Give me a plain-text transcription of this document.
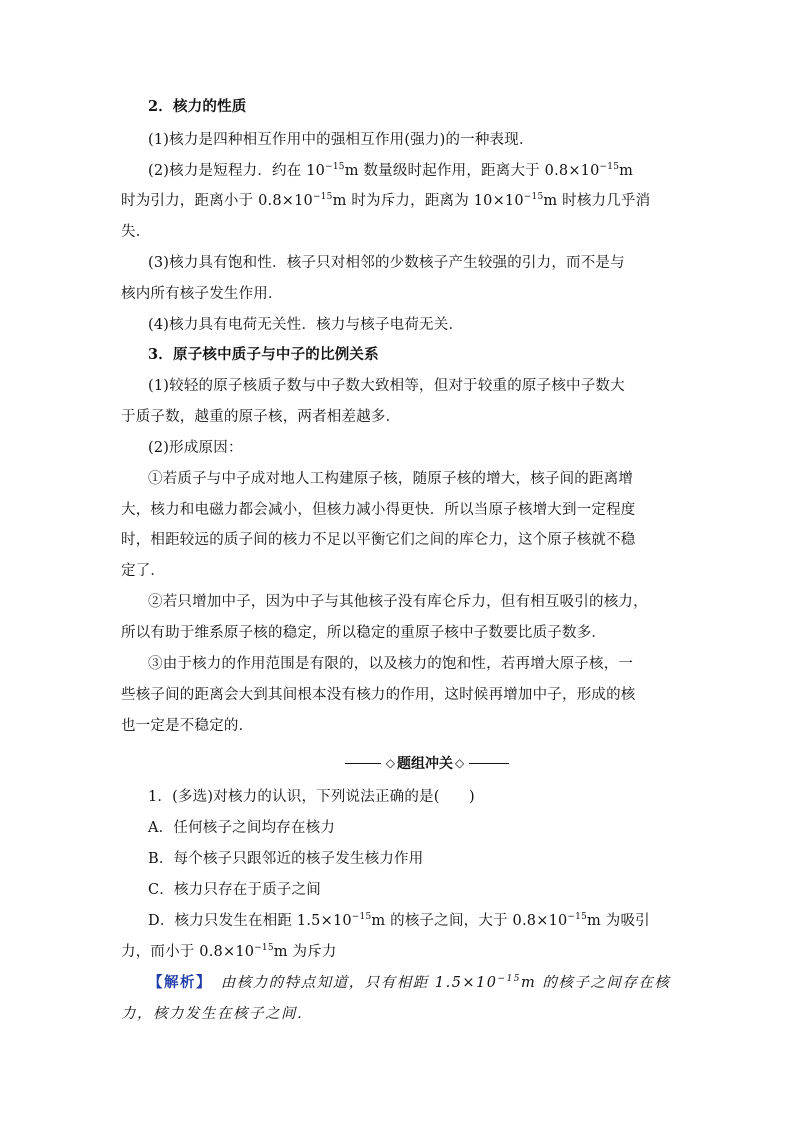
2．核力的性质
(1)核力是四种相互作用中的强相互作用(强力)的一种表现．
(2)核力是短程力．约在 $10^{-15}m$ 数量级时起作用，距离大于 $0.8\times 10^{-15}m$
时为引力，距离小于 $0.8\times 10^{-15}m$ 时为斥力，距离为 $10\times 10^{-15}m$ 时核力几乎消
失．
(3)核力具有饱和性．核子只对相邻的少数核子产生较强的引力，而不是与
核内所有核子发生作用．
(4)核力具有电荷无关性．核力与核子电荷无关．
3．原子核中质子与中子的比例关系
(1)较轻的原子核质子数与中子数大致相等，但对于较重的原子核中子数大
于质子数，越重的原子核，两者相差越多．
(2)形成原因：
①若质子与中子成对地人工构建原子核，随原子核的增大，核子间的距离增
大，核力和电磁力都会减小，但核力减小得更快．所以当原子核增大到一定程度
时，相距较远的质子间的核力不足以平衡它们之间的库仑力，这个原子核就不稳
定了．
②若只增加中子，因为中子与其他核子没有库仑斥力，但有相互吸引的核力，
所以有助于维系原子核的稳定，所以稳定的重原子核中子数要比质子数多．
③由于核力的作用范围是有限的，以及核力的饱和性，若再增大原子核，一
些核子间的距离会大到其间根本没有核力的作用，这时候再增加中子，形成的核
也一定是不稳定的．
◇ 题组冲关 ◇
1．(多选)对核力的认识，下列说法正确的是(　　)
A．任何核子之间均存在核力
B．每个核子只跟邻近的核子发生核力作用
C．核力只存在于质子之间
D．核力只发生在相距 $1.5\times 10^{-15}m$ 的核子之间，大于 $0.8\times 10^{-15}m$ 为吸引
力，而小于 $0.8\times 10^{-15}m$ 为斥力
【解析】　由核力的特点知道，只有相距 $1.5\times 10^{-15}m$ 的核子之间存在核
力，核力发生在核子之间．
